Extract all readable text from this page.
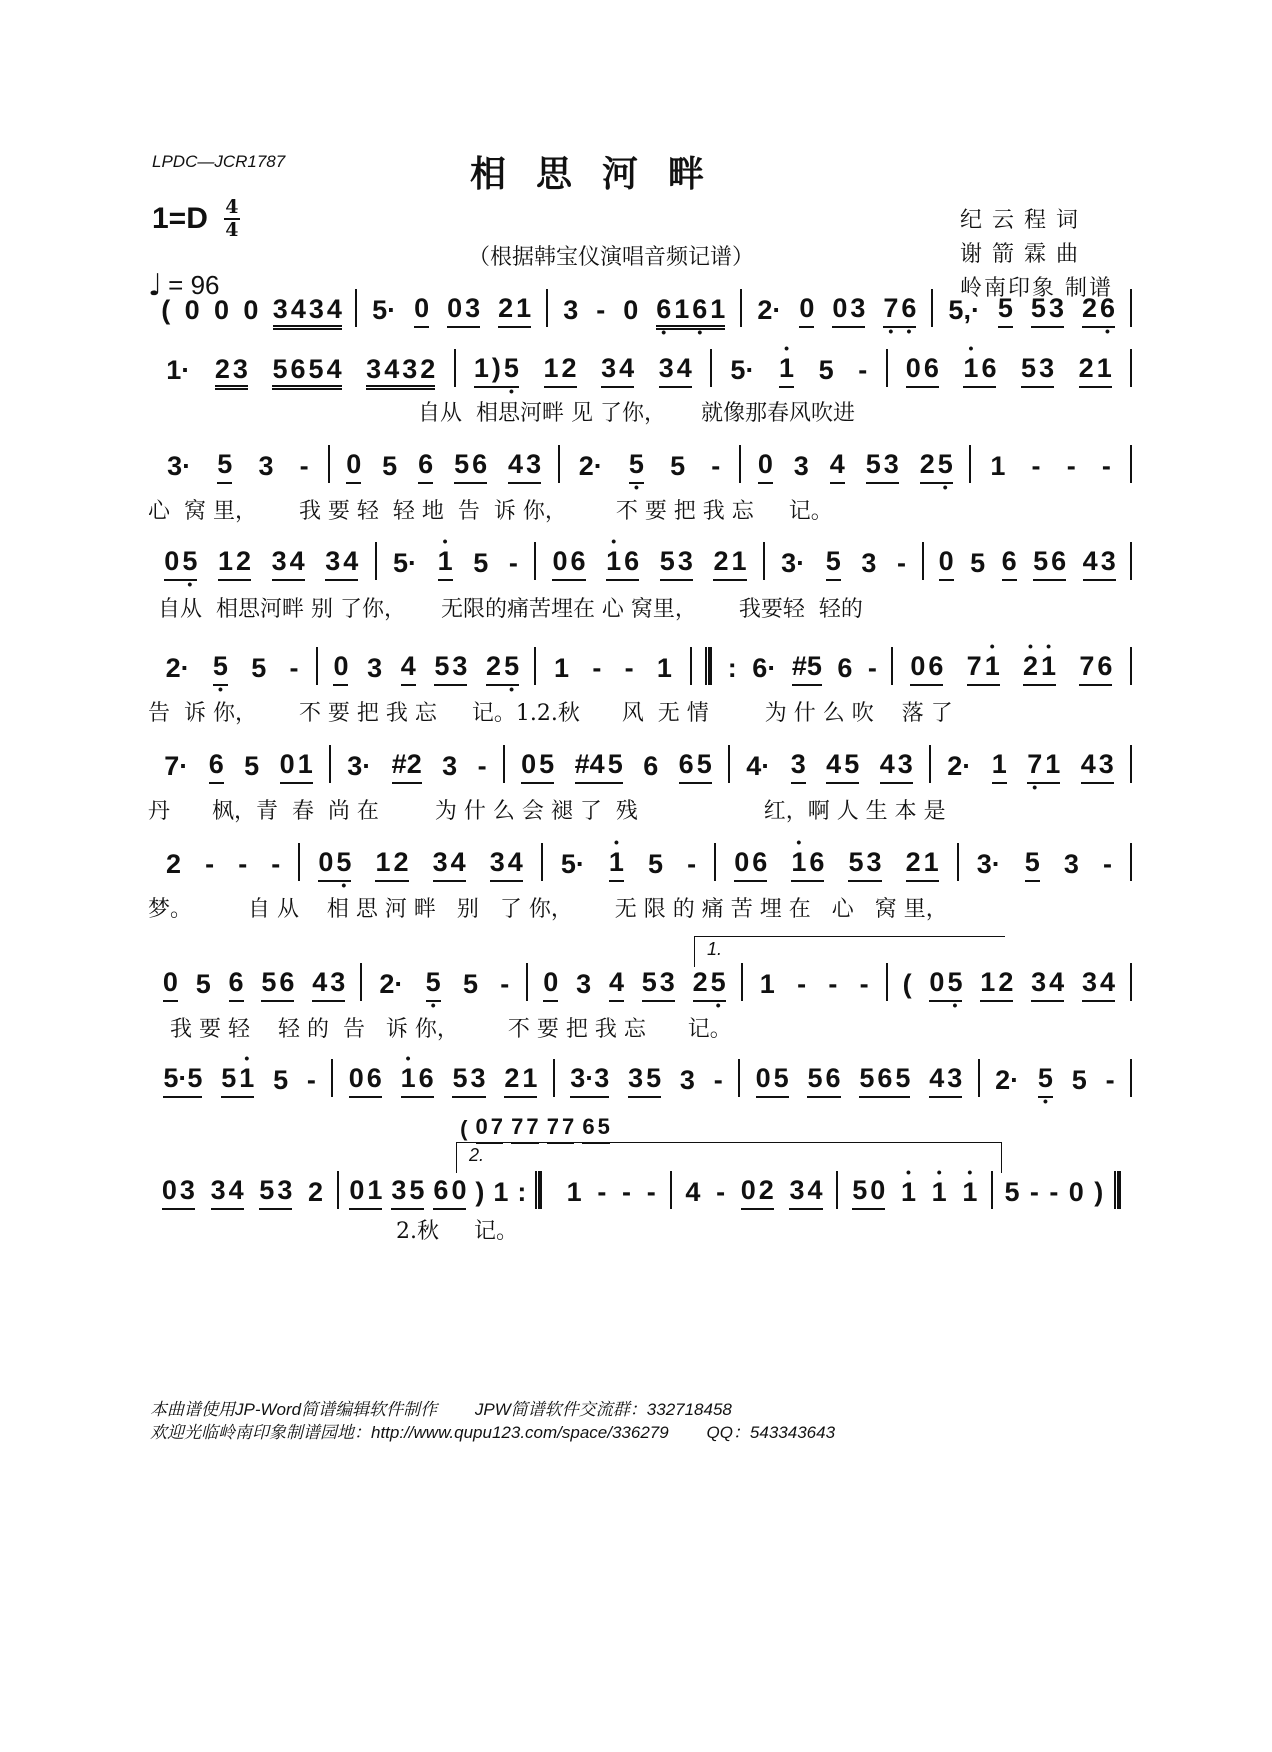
LPDC—JCR1787	相思河畔
$1=D \frac{4}{4}$
♩ = 96
（根据韩宝仪演唱音频记谱）
纪云程词
谢箭霖曲
岭南印象 制谱
( 0 0 0 3 4 3 4 5· 0 0 3 2 1 3 - 0 6 • 1 6 • 1 2· 0 0 3 7 • 6 • 5,· 5 5 3 2 6 •
1· 2 3 5 6 5 4 3 4 3 2 1 ) 5 • 1 2 3 4 3 4 5· • 1 5 - 0 6 • 1 6 5 3 2 1
3· 5 3 - 0 5 6 5 6 4 3 2· 5 • 5 - 0 3 4 5 3 2 5 • 1 - - -
0 5 • 1 2 3 4 3 4 5· • 1 5 - 0 6 • 1 6 5 3 2 1 3· 5 3 - 0 5 6 5 6 4 3
2· 5 • 5 - 0 3 4 5 3 2 5 • 1 - - 1 : 6· #5 6 - 0 6 7 • 1 • 2 • 1 7 6
7· 6 5 0 1 3· #2 3 - 0 5 #4 5 6 6 5 4· 3 4 5 4 3 2· 1 7 • 1 4 3
2 - - - 0 5 • 1 2 3 4 3 4 5· • 1 5 - 0 6 • 1 6 5 3 2 1 3· 5 3 -
0 5 6 5 6 4 3 2· 5 • 5 - 0 3 4 5 3 2 5 • 1 - - - ( 0 5 • 1 2 3 4 3 4
5·5 5 • 1 5 - 0 6 • 1 6 5 3 2 1 3·3 3 5 3 - 0 5 5 6 5 6 5 4 3 2· 5 • 5 -
0 3 3 4 5 3 2 0 1 3 5 6 0 ) 1 : 1 - - - 4 - 0 2 3 4 5 0 • 1 • 1 • 1 5 - - 0 )
( 0 7 7 7 7 7 6 5
自从  相思河畔 见 了你，     就像那春风吹进
心  窝 里，      我 要 轻  轻 地  告  诉 你，       不 要 把 我 忘     记。
自从  相思河畔 别 了你，     无限的痛苦埋在 心 窝里，      我要轻  轻的
告  诉 你，      不 要 把 我 忘     记。1.2.秋      风  无 情        为 什 么 吹    落 了
丹      枫，青  春  尚 在        为 什 么 会 褪 了  残                  红，啊 人 生 本 是
梦。        自 从    相 思 河 畔   别   了 你，      无 限 的 痛 苦 埋 在   心   窝 里，
我 要 轻    轻 的  告   诉 你，       不 要 把 我 忘      记。
2.秋     记。
1.
2.
本曲谱使用JP-Word简谱编辑软件制作        JPW简谱软件交流群：332718458
欢迎光临岭南印象制谱园地：http://www.qupu123.com/space/336279        QQ：543343643
